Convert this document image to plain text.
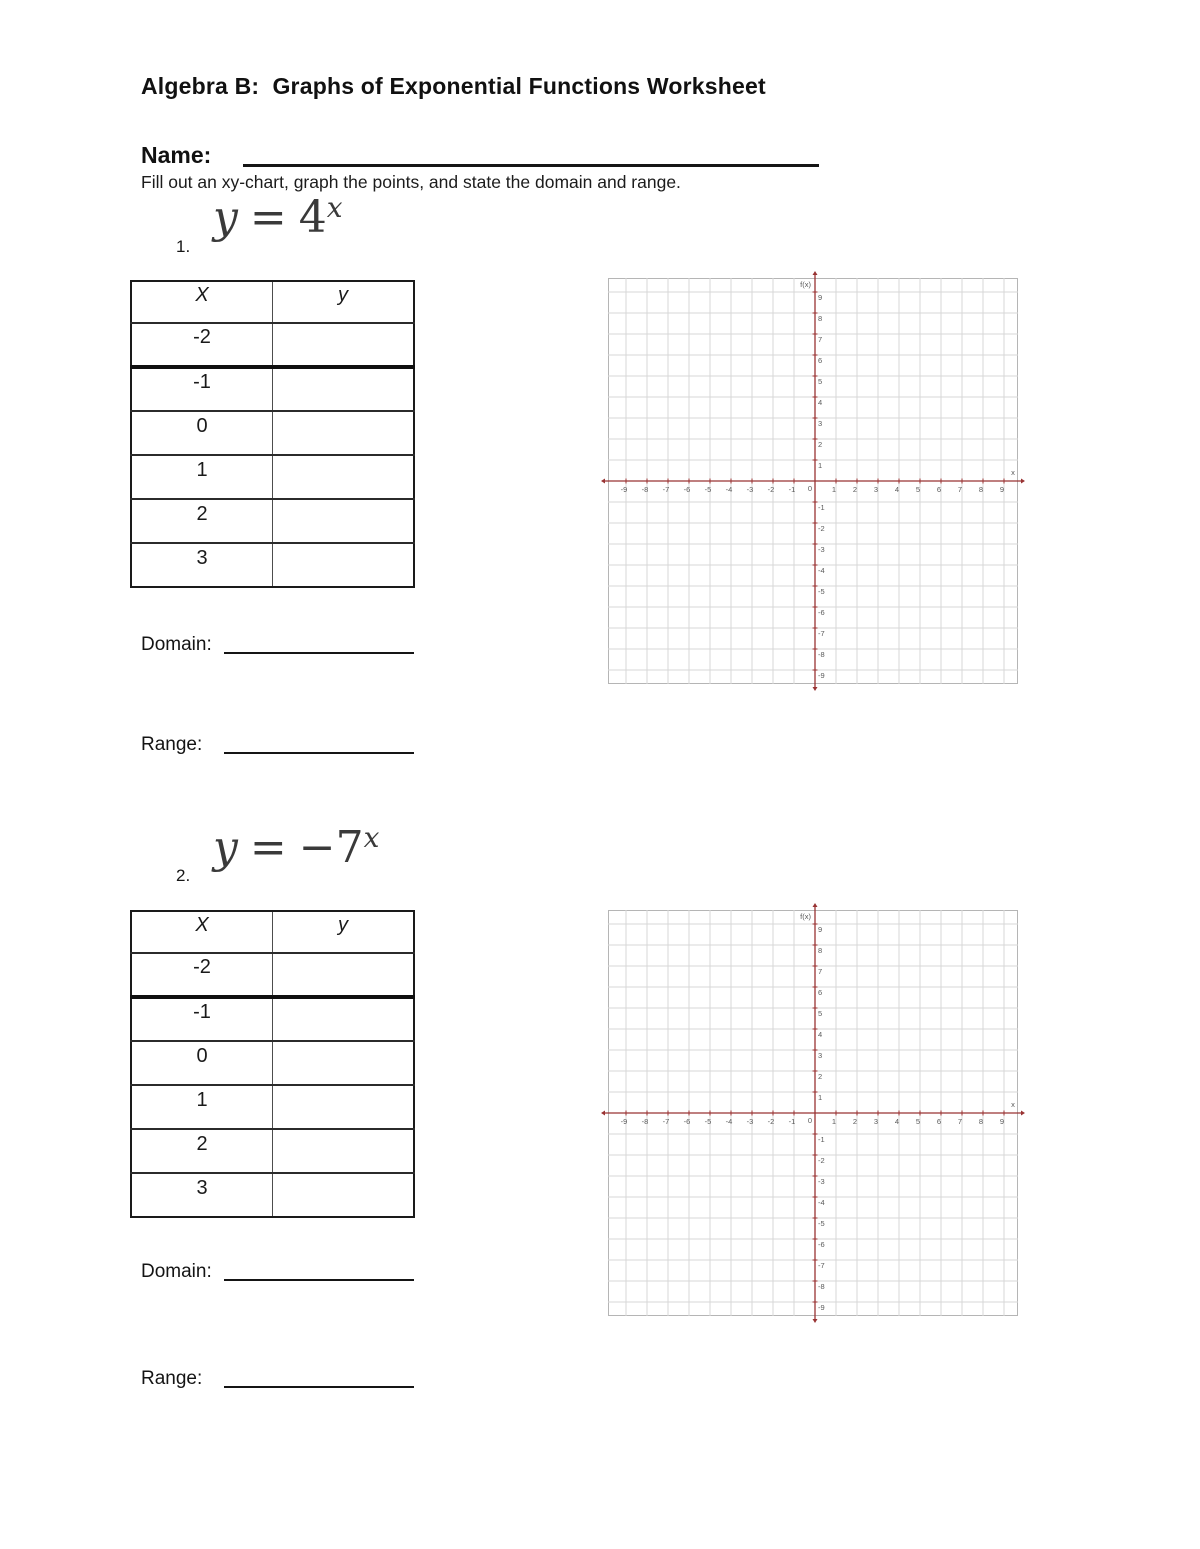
Algebra B:  Graphs of Exponential Functions Worksheet
Name:
Fill out an xy-chart, graph the points, and state the domain and range.
$y = 4^x$
1.
X	y
-2	
-1	
0	
1	
2	
3	
-9 -8 -7 -6 -5 -4 -3 -2 -1	1 2 3 4 5 6 7 8 9
-9
-8
-7
-6
-5
-4
-3
-2
-1
1
2
3
4
5
6
7
8
9
0
f(x)
x
Domain:
Range:
$y = -7^x$
2.
X	y
-2	
-1	
0	
1	
2	
3	
-9 -8 -7 -6 -5 -4 -3 -2 -1	1 2 3 4 5 6 7 8 9
-9
-8
-7
-6
-5
-4
-3
-2
-1
1
2
3
4
5
6
7
8
9
0
f(x)
x
Domain:
Range:
